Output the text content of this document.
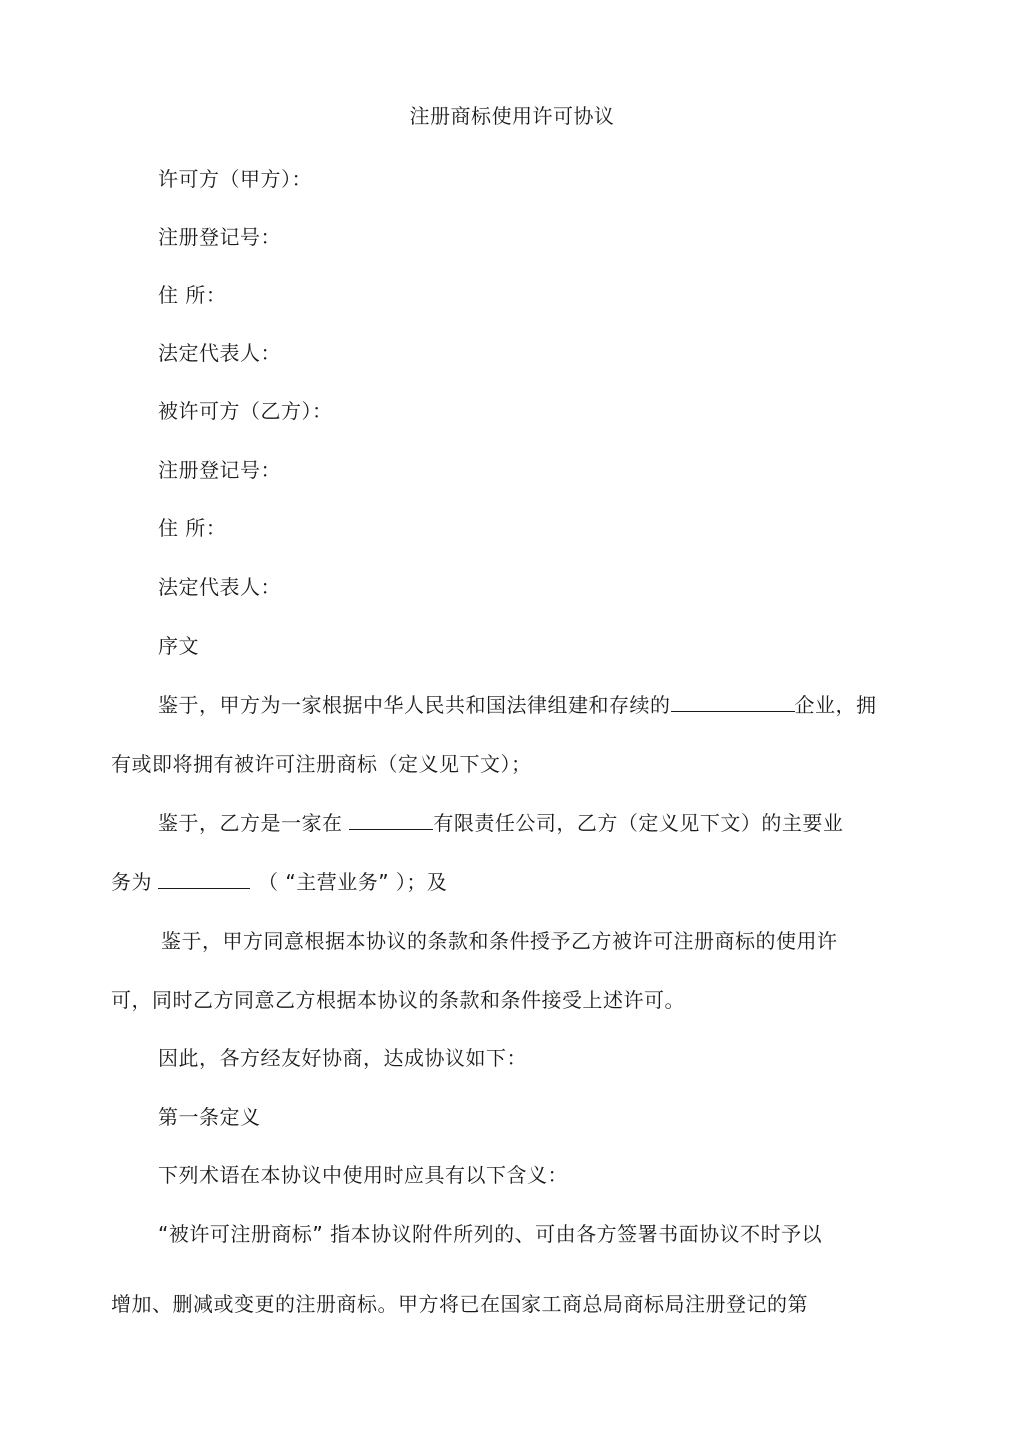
注册商标使用许可协议
许可方（甲方）：
注册登记号：
住 所：
法定代表人：
被许可方（乙方）：
注册登记号：
住 所：
法定代表人：
序文
鉴于，甲方为一家根据中华人民共和国法律组建和存续的	企业，拥
有或即将拥有被许可注册商标（定义见下文）；
鉴于，乙方是一家在	有限责任公司，乙方（定义见下文）的主要业
务为	（ “主营业务” ）；及
鉴于，甲方同意根据本协议的条款和条件授予乙方被许可注册商标的使用许
可，同时乙方同意乙方根据本协议的条款和条件接受上述许可。
因此，各方经友好协商，达成协议如下：
第一条定义
下列术语在本协议中使用时应具有以下含义：
“被许可注册商标” 指本协议附件所列的、可由各方签署书面协议不时予以
增加、删减或变更的注册商标。甲方将已在国家工商总局商标局注册登记的第
